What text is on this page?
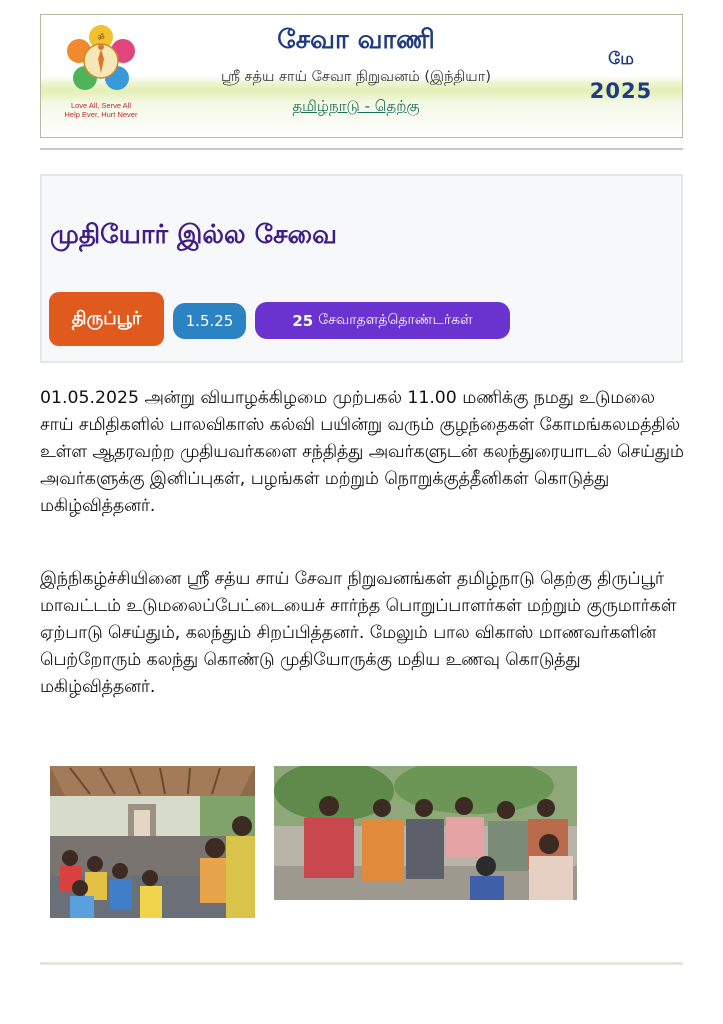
ॐ
Love All, Serve All
Help Ever, Hurt Never
சேவா வாணி
ஸ்ரீ சத்ய சாய் சேவா நிறுவனம் (இந்தியா)
தமிழ்நாடு - தெற்கு
மே
2025
முதியோர் இல்ல சேவை
திருப்பூர்	1.5.25	25 சேவாதளத்தொண்டர்கள்

01.05.2025 அன்று வியாழக்கிழமை முற்பகல் 11.00 மணிக்கு நமது உடுமலை சாய் சமிதிகளில் பாலவிகாஸ் கல்வி பயின்று வரும் குழந்தைகள் கோமங்கலமத்தில் உள்ள ஆதரவற்ற முதியவர்களை சந்தித்து அவர்களுடன் கலந்துரையாடல் செய்தும் அவர்களுக்கு இனிப்புகள், பழங்கள் மற்றும் நொறுக்குத்தீனிகள் கொடுத்து மகிழ்வித்தனர்.

இந்நிகழ்ச்சியினை ஸ்ரீ சத்ய சாய் சேவா நிறுவனங்கள் தமிழ்நாடு தெற்கு திருப்பூர் மாவட்டம் உடுமலைப்பேட்டையைச் சார்ந்த பொறுப்பாளர்கள் மற்றும் குருமார்கள் ஏற்பாடு செய்தும், கலந்தும் சிறப்பித்தனர். மேலும் பால விகாஸ் மாணவர்களின் பெற்றோரும் கலந்து கொண்டு முதியோருக்கு மதிய உணவு கொடுத்து மகிழ்வித்தனர்.
